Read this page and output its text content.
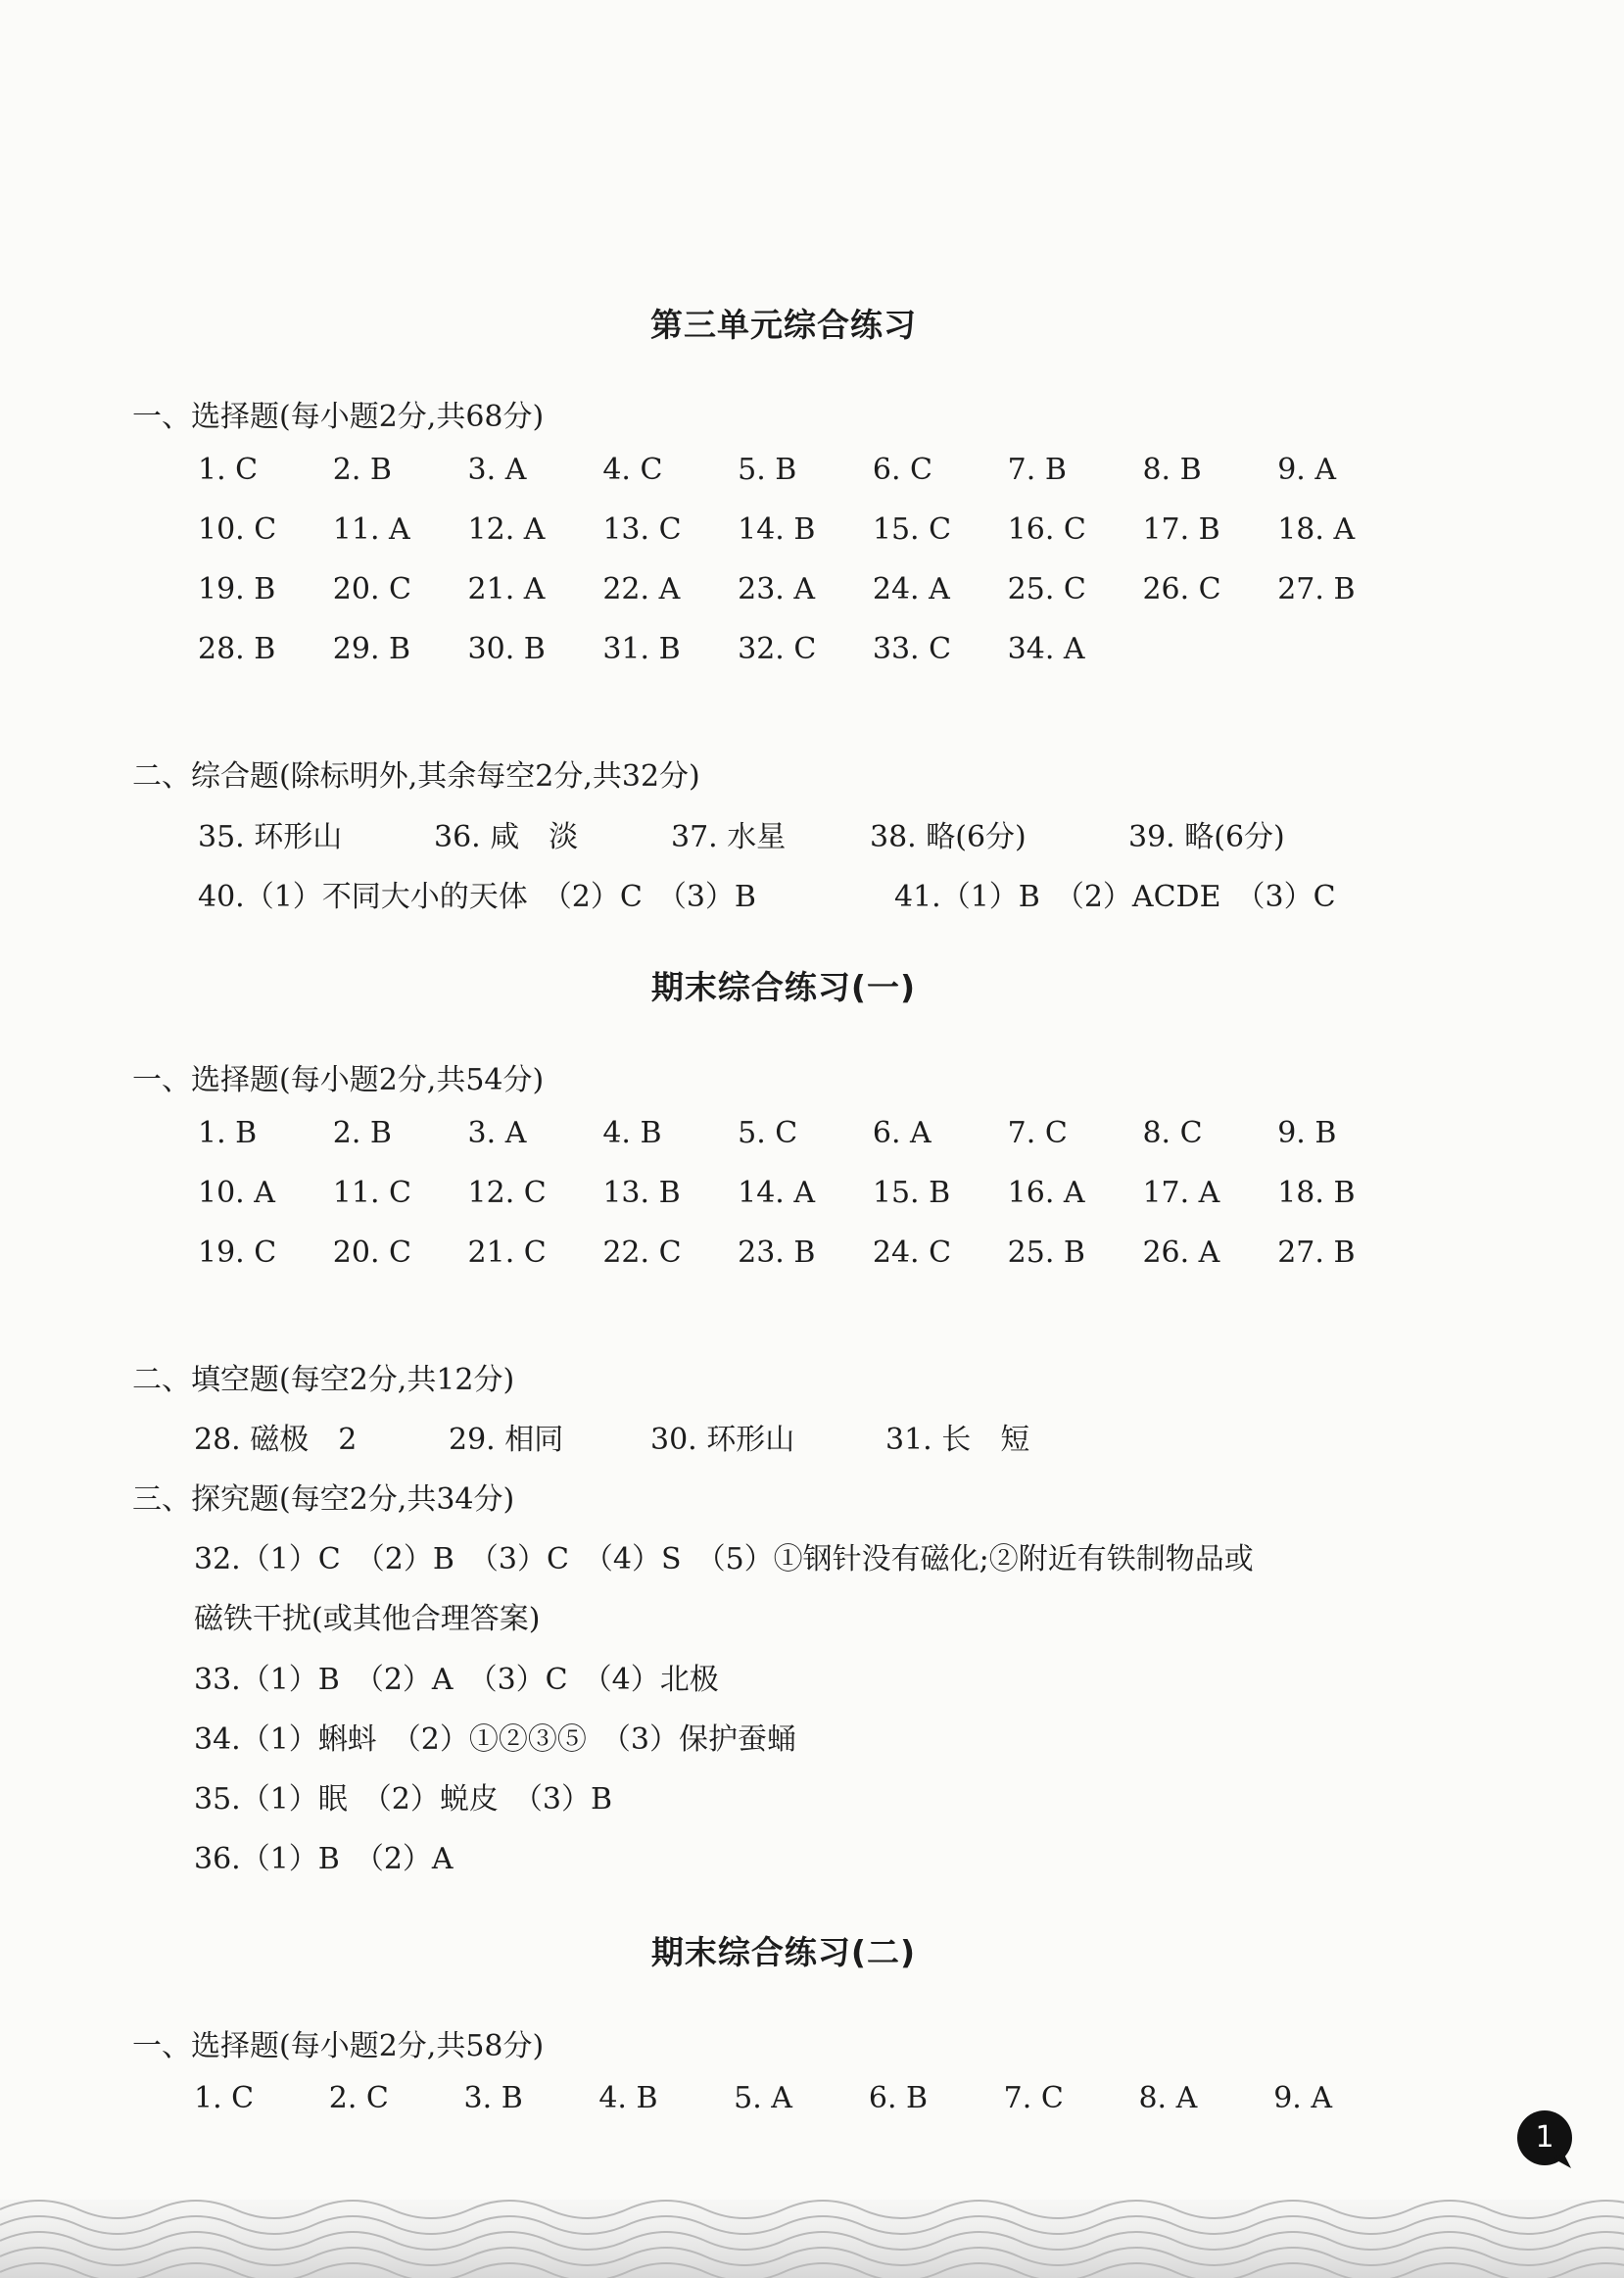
第三单元综合练习
一、选择题(每小题2分,共68分)
1. C	2. B	3. A	4. C	5. B	6. C	7. B	8. B	9. A
10. C	11. A	12. A	13. C	14. B	15. C	16. C	17. B	18. A
19. B	20. C	21. A	22. A	23. A	24. A	25. C	26. C	27. B
28. B	29. B	30. B	31. B	32. C	33. C	34. A
二、综合题(除标明外,其余每空2分,共32分)
35. 环形山	36. 咸　淡	37. 水星	38. 略(6分)	39. 略(6分)
40.（1）不同大小的天体　（2）C　（3）B	41.（1）B　（2）ACDE　（3）C
期末综合练习(一)
一、选择题(每小题2分,共54分)
1. B	2. B	3. A	4. B	5. C	6. A	7. C	8. C	9. B
10. A	11. C	12. C	13. B	14. A	15. B	16. A	17. A	18. B
19. C	20. C	21. C	22. C	23. B	24. C	25. B	26. A	27. B
二、填空题(每空2分,共12分)
28. 磁极　2	29. 相同	30. 环形山	31. 长　短
三、探究题(每空2分,共34分)
32.（1）C　（2）B　（3）C　（4）S　（5）①钢针没有磁化;②附近有铁制物品或
磁铁干扰(或其他合理答案)
33.（1）B　（2）A　（3）C　（4）北极
34.（1）蝌蚪　（2）①②③⑤　（3）保护蚕蛹
35.（1）眠　（2）蜕皮　（3）B
36.（1）B　（2）A
期末综合练习(二)
一、选择题(每小题2分,共58分)
1. C	2. C	3. B	4. B	5. A	6. B	7. C	8. A	9. A
1
